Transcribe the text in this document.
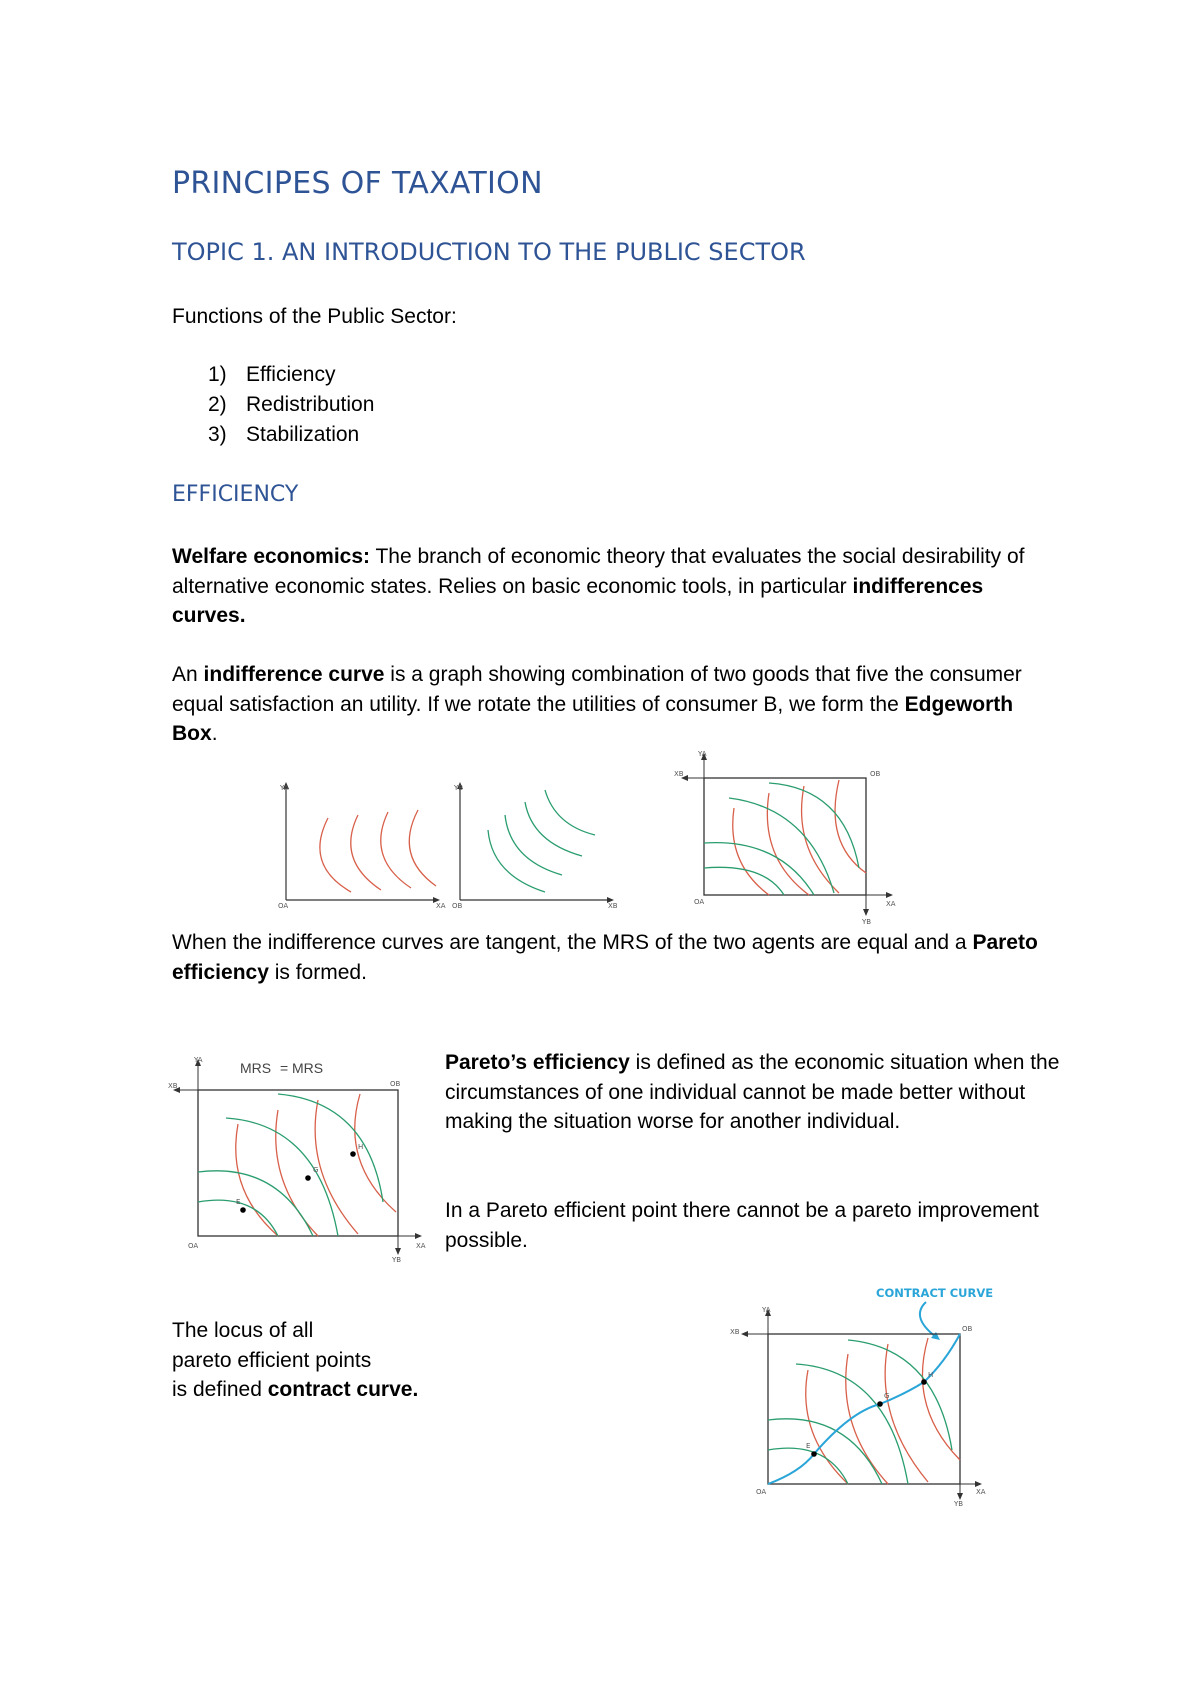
PRINCIPES OF TAXATION
TOPIC 1. AN INTRODUCTION TO THE PUBLIC SECTOR

Functions of the Public Sector:

1) Efficiency
2) Redistribution
3) Stabilization
EFFICIENCY

Welfare economics: The branch of economic theory that evaluates the social desirability of alternative economic states. Relies on basic economic tools, in particular indifferences curves.

An indifference curve is a graph showing combination of two goods that five the consumer equal satisfaction an utility. If we rotate the utilities of consumer B, we form the Edgeworth Box.

YA
OA	XA
YB
OB	XB
YA
XB	OB
OA	XA
YB

When the indifference curves are tangent, the MRS of the two agents are equal and a Pareto efficiency is formed.

MRS = MRS
YA
XB	OB
OA	XA
YB
E
G
H

Pareto’s efficiency is defined as the economic situation when the circumstances of one individual cannot be made better without making the situation worse for another individual.

In a Pareto efficient point there cannot be a pareto improvement possible.

The locus of all
pareto efficient points
is defined contract curve.

CONTRACT CURVE
YA
XB	OB
OA	XA
YB
E
G
H
